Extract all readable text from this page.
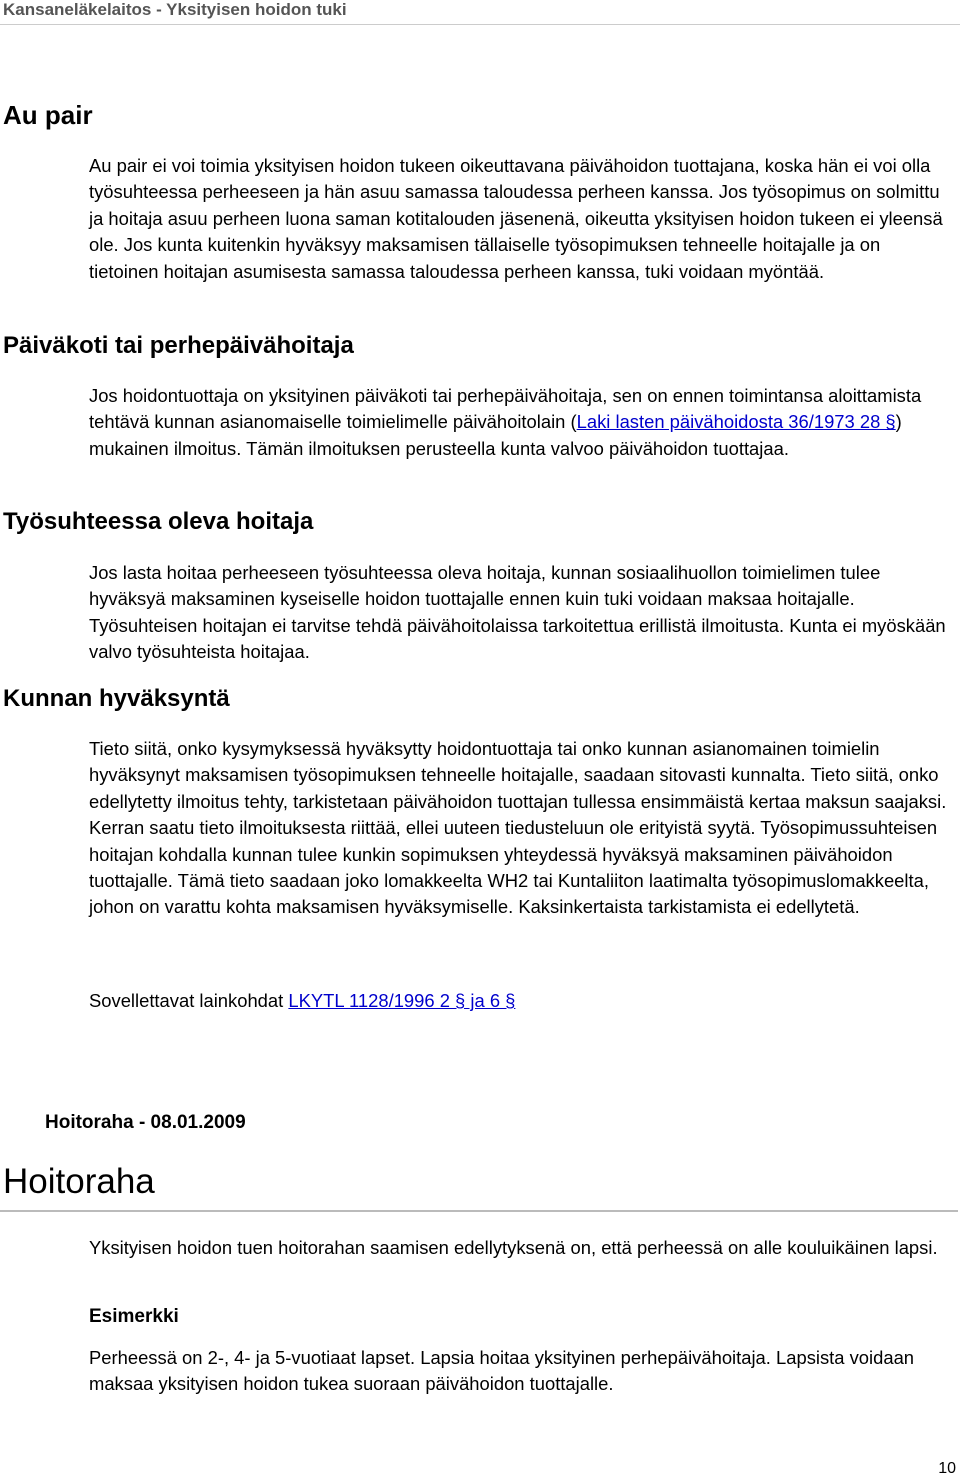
Kansaneläkelaitos - Yksityisen hoidon tuki
Au pair

Au pair ei voi toimia yksityisen hoidon tukeen oikeuttavana päivähoidon tuottajana, koska hän ei voi olla työsuhteessa perheeseen ja hän asuu samassa taloudessa perheen kanssa. Jos työsopimus on solmittu ja hoitaja asuu perheen luona saman kotitalouden jäsenenä, oikeutta yksityisen hoidon tukeen ei yleensä ole. Jos kunta kuitenkin hyväksyy maksamisen tällaiselle työsopimuksen tehneelle hoitajalle ja on tietoinen hoitajan asumisesta samassa taloudessa perheen kanssa, tuki voidaan myöntää.

Päiväkoti tai perhepäivähoitaja

Jos hoidontuottaja on yksityinen päiväkoti tai perhepäivähoitaja, sen on ennen toimintansa aloittamista tehtävä kunnan asianomaiselle toimielimelle päivähoitolain (Laki lasten päivähoidosta 36/1973 28 §) mukainen ilmoitus. Tämän ilmoituksen perusteella kunta valvoo päivähoidon tuottajaa.

Työsuhteessa oleva hoitaja

Jos lasta hoitaa perheeseen työsuhteessa oleva hoitaja, kunnan sosiaalihuollon toimielimen tulee hyväksyä maksaminen kyseiselle hoidon tuottajalle ennen kuin tuki voidaan maksaa hoitajalle. Työsuhteisen hoitajan ei tarvitse tehdä päivähoitolaissa tarkoitettua erillistä ilmoitusta. Kunta ei myöskään valvo työsuhteista hoitajaa.

Kunnan hyväksyntä

Tieto siitä, onko kysymyksessä hyväksytty hoidontuottaja tai onko kunnan asianomainen toimielin hyväksynyt maksamisen työsopimuksen tehneelle hoitajalle, saadaan sitovasti kunnalta. Tieto siitä, onko edellytetty ilmoitus tehty, tarkistetaan päivähoidon tuottajan tullessa ensimmäistä kertaa maksun saajaksi. Kerran saatu tieto ilmoituksesta riittää, ellei uuteen tiedusteluun ole erityistä syytä. Työsopimussuhteisen hoitajan kohdalla kunnan tulee kunkin sopimuksen yhteydessä hyväksyä maksaminen päivähoidon tuottajalle. Tämä tieto saadaan joko lomakkeelta WH2 tai Kuntaliiton laatimalta työsopimuslomakkeelta, johon on varattu kohta maksamisen hyväksymiselle. Kaksinkertaista tarkistamista ei edellytetä.

Sovellettavat lainkohdat LKYTL 1128/1996 2 § ja 6 §

Hoitoraha - 08.01.2009
Hoitoraha

Yksityisen hoidon tuen hoitorahan saamisen edellytyksenä on, että perheessä on alle kouluikäinen lapsi.

Esimerkki

Perheessä on 2-, 4- ja 5-vuotiaat lapset. Lapsia hoitaa yksityinen perhepäivähoitaja. Lapsista voidaan maksaa yksityisen hoidon tukea suoraan päivähoidon tuottajalle.

10
